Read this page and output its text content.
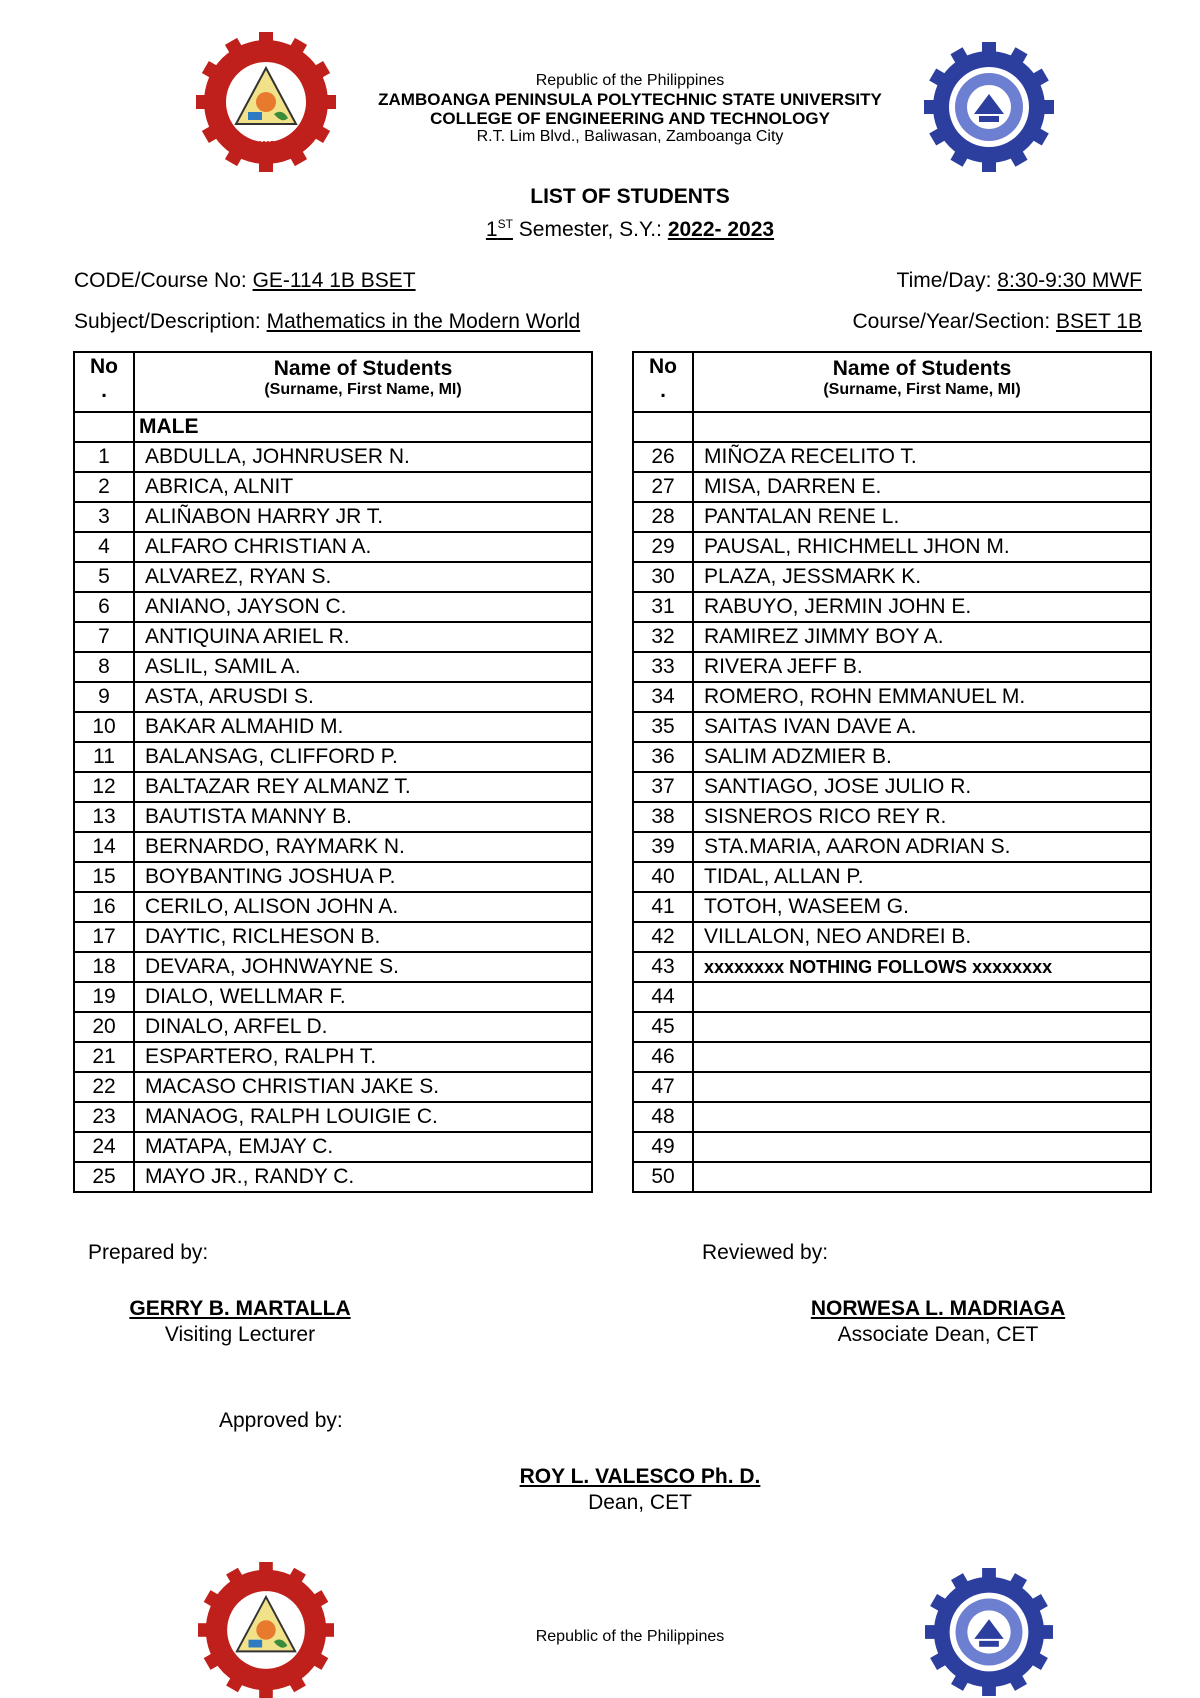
1905
Republic of the Philippines
ZAMBOANGA PENINSULA POLYTECHNIC STATE UNIVERSITY
COLLEGE OF ENGINEERING AND TECHNOLOGY
R.T. Lim Blvd., Baliwasan, Zamboanga City
LIST OF STUDENTS
1ST Semester, S.Y.: 2022- 2023
CODE/Course No: GE-114 1B BSET	Time/Day: 8:30-9:30 MWF
Subject/Description: Mathematics in the Modern World	Course/Year/Section: BSET 1B
No
.	Name of Students
(Surname, First Name, MI)

	MALE
1	ABDULLA, JOHNRUSER N.
2	ABRICA, ALNIT
3	ALIÑABON HARRY JR T.
4	ALFARO CHRISTIAN A.
5	ALVAREZ, RYAN S.
6	ANIANO, JAYSON C.
7	ANTIQUINA ARIEL R.
8	ASLIL, SAMIL A.
9	ASTA, ARUSDI S.
10	BAKAR ALMAHID M.
11	BALANSAG, CLIFFORD P.
12	BALTAZAR REY ALMANZ T.
13	BAUTISTA MANNY B.
14	BERNARDO, RAYMARK N.
15	BOYBANTING JOSHUA P.
16	CERILO, ALISON JOHN A.
17	DAYTIC, RICLHESON B.
18	DEVARA, JOHNWAYNE S.
19	DIALO, WELLMAR F.
20	DINALO, ARFEL D.
21	ESPARTERO, RALPH T.
22	MACASO CHRISTIAN JAKE S.
23	MANAOG, RALPH LOUIGIE C.
24	MATAPA, EMJAY C.
25	MAYO JR., RANDY C.
No
.	Name of Students
(Surname, First Name, MI)

26	MIÑOZA RECELITO T.
27	MISA, DARREN E.
28	PANTALAN RENE L.
29	PAUSAL, RHICHMELL JHON M.
30	PLAZA, JESSMARK K.
31	RABUYO, JERMIN JOHN E.
32	RAMIREZ JIMMY BOY A.
33	RIVERA JEFF B.
34	ROMERO, ROHN EMMANUEL M.
35	SAITAS IVAN DAVE A.
36	SALIM ADZMIER B.
37	SANTIAGO, JOSE JULIO R.
38	SISNEROS RICO REY R.
39	STA.MARIA, AARON ADRIAN S.
40	TIDAL, ALLAN P.
41	TOTOH, WASEEM G.
42	VILLALON, NEO ANDREI B.
43	xxxxxxxx NOTHING FOLLOWS xxxxxxxx
44	
45	
46	
47	
48	
49	
50	
Prepared by:	Reviewed by:
GERRY B. MARTALLA
Visiting Lecturer
NORWESA L. MADRIAGA
Associate Dean, CET
Approved by:
ROY L. VALESCO Ph. D.
Dean, CET
Republic of the Philippines
